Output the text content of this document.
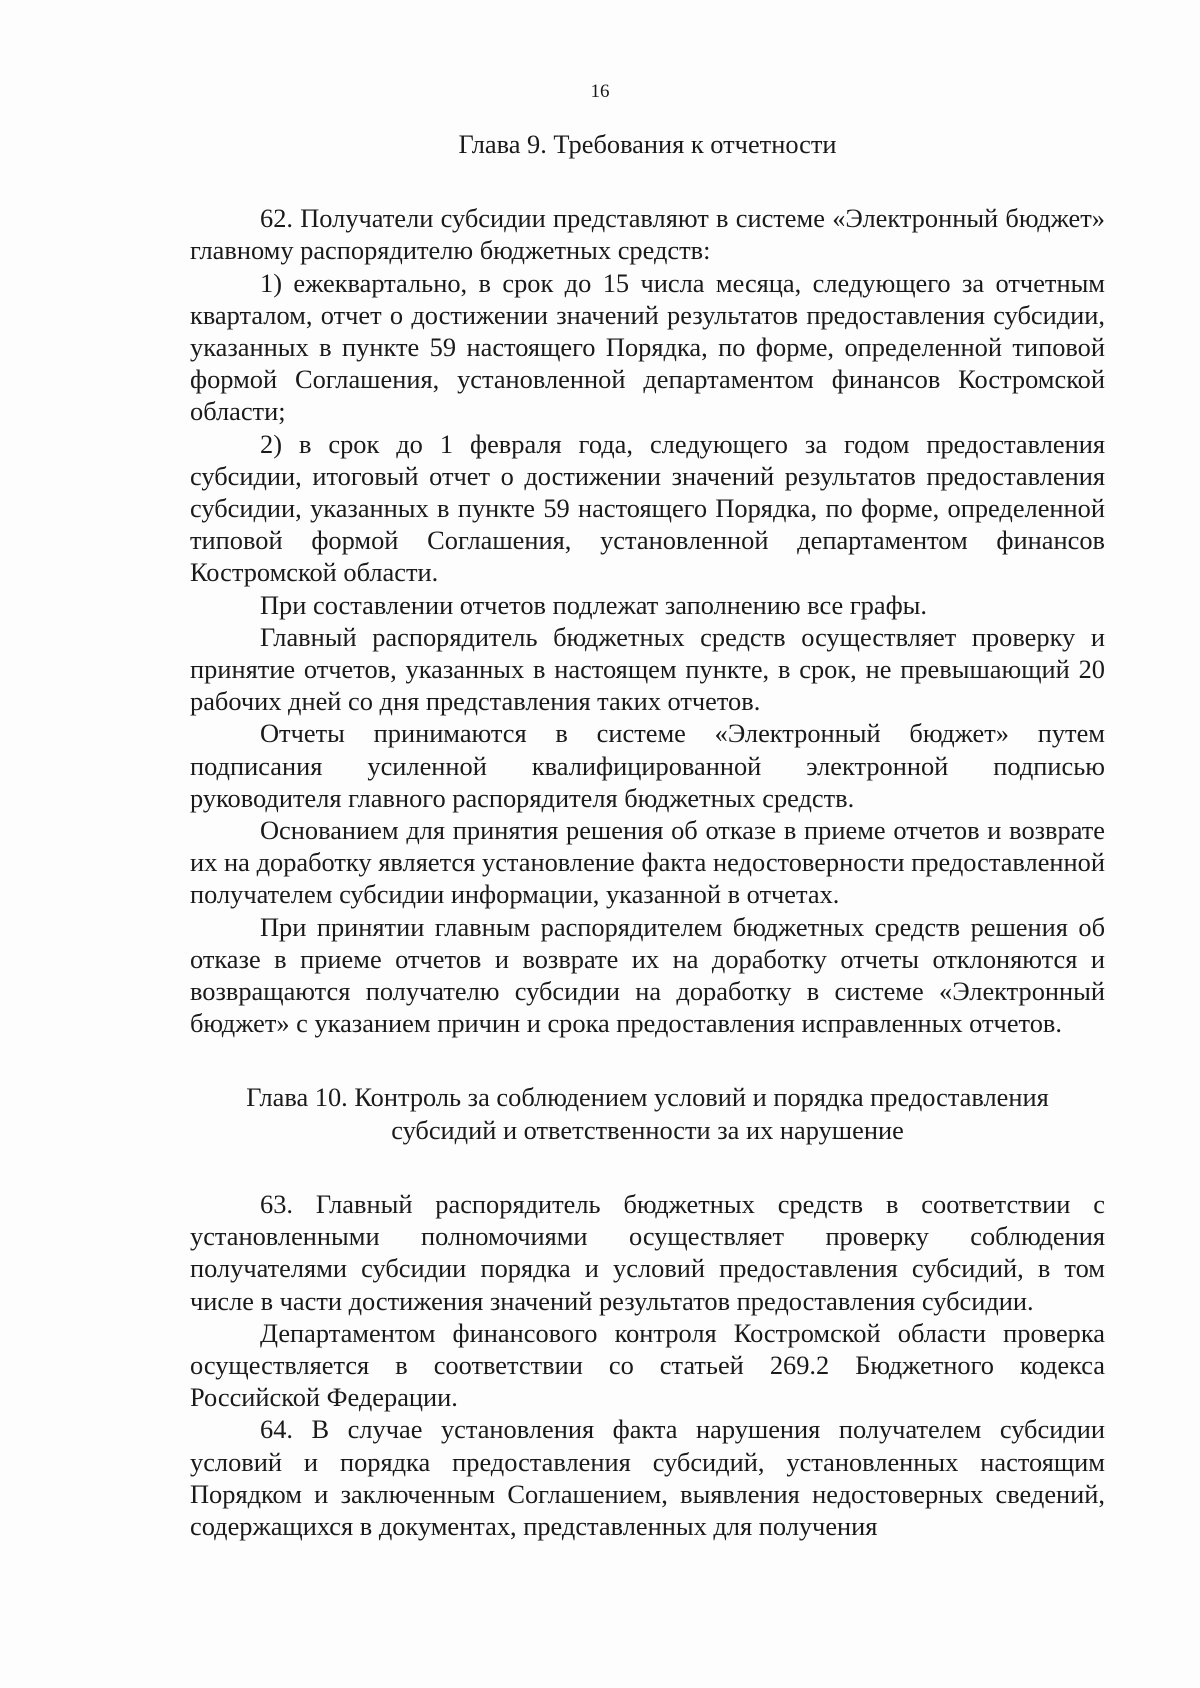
16

Глава 9. Требования к отчетности

62. Получатели субсидии представляют в системе «Электронный бюджет» главному распорядителю бюджетных средств:

1) ежеквартально, в срок до 15 числа месяца, следующего за отчетным кварталом, отчет о достижении значений результатов предоставления субсидии, указанных в пункте 59 настоящего Порядка, по форме, определенной типовой формой Соглашения, установленной департаментом финансов Костромской области;

2) в срок до 1 февраля года, следующего за годом предоставления субсидии, итоговый отчет о достижении значений результатов предоставления субсидии, указанных в пункте 59 настоящего Порядка, по форме, определенной типовой формой Соглашения, установленной департаментом финансов Костромской области.

При составлении отчетов подлежат заполнению все графы.

Главный распорядитель бюджетных средств осуществляет проверку и принятие отчетов, указанных в настоящем пункте, в срок, не превышающий 20 рабочих дней со дня представления таких отчетов.

Отчеты принимаются в системе «Электронный бюджет» путем подписания усиленной квалифицированной электронной подписью руководителя главного распорядителя бюджетных средств.

Основанием для принятия решения об отказе в приеме отчетов и возврате их на доработку является установление факта недостоверности предоставленной получателем субсидии информации, указанной в отчетах.

При принятии главным распорядителем бюджетных средств решения об отказе в приеме отчетов и возврате их на доработку отчеты отклоняются и возвращаются получателю субсидии на доработку в системе «Электронный бюджет» с указанием причин и срока предоставления исправленных отчетов.

Глава 10. Контроль за соблюдением условий и порядка предоставления
субсидий и ответственности за их нарушение

63. Главный распорядитель бюджетных средств в соответствии с установленными полномочиями осуществляет проверку соблюдения получателями субсидии порядка и условий предоставления субсидий, в том числе в части достижения значений результатов предоставления субсидии.

Департаментом финансового контроля Костромской области проверка осуществляется в соответствии со статьей 269.2 Бюджетного кодекса Российской Федерации.

64. В случае установления факта нарушения получателем субсидии условий и порядка предоставления субсидий, установленных настоящим Порядком и заключенным Соглашением, выявления недостоверных сведений, содержащихся в документах, представленных для получения
